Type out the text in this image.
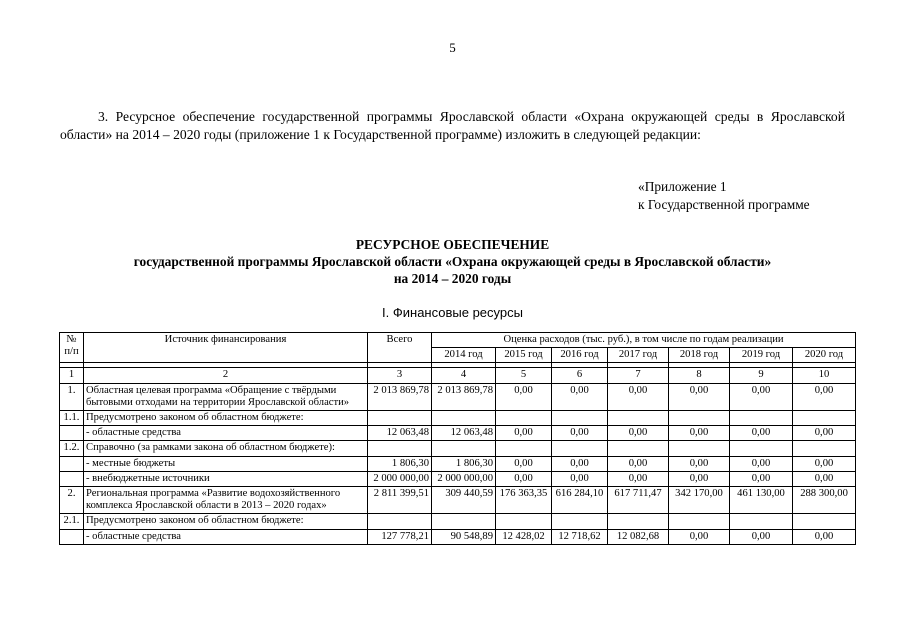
5
3. Ресурсное обеспечение государственной программы Ярославской области «Охрана окружающей среды в Ярославской области» на 2014 – 2020 годы (приложение 1 к Государственной программе) изложить в следующей редакции:
«Приложение 1
к Государственной программе
РЕСУРСНОЕ ОБЕСПЕЧЕНИЕ
государственной программы Ярославской области «Охрана окружающей среды в Ярославской области»
на 2014 – 2020 годы
I. Финансовые ресурсы
№ п/п	Источник финансирования	Всего	Оценка расходов (тыс. руб.), в том числе по годам реализации						
			2014 год	2015 год	2016 год	2017 год	2018 год	2019 год	2020 год

1	2	3	4	5	6	7	8	9	10
1.	Областная целевая программа «Обращение с твёрдыми бытовыми отходами на территории Ярославской области»	2 013 869,78	2 013 869,78	0,00	0,00	0,00	0,00	0,00	0,00
1.1.	Предусмотрено законом об областном бюджете:								
	- областные средства	12 063,48	12 063,48	0,00	0,00	0,00	0,00	0,00	0,00
1.2.	Справочно (за рамками закона об областном бюджете):								
	- местные бюджеты	1 806,30	1 806,30	0,00	0,00	0,00	0,00	0,00	0,00
	- внебюджетные источники	2 000 000,00	2 000 000,00	0,00	0,00	0,00	0,00	0,00	0,00
2.	Региональная программа «Развитие водохозяйственного комплекса Ярославской области в 2013 – 2020 годах»	2 811 399,51	309 440,59	176 363,35	616 284,10	617 711,47	342 170,00	461 130,00	288 300,00
2.1.	Предусмотрено законом об областном бюджете:								
	- областные средства	127 778,21	90 548,89	12 428,02	12 718,62	12 082,68	0,00	0,00	0,00
